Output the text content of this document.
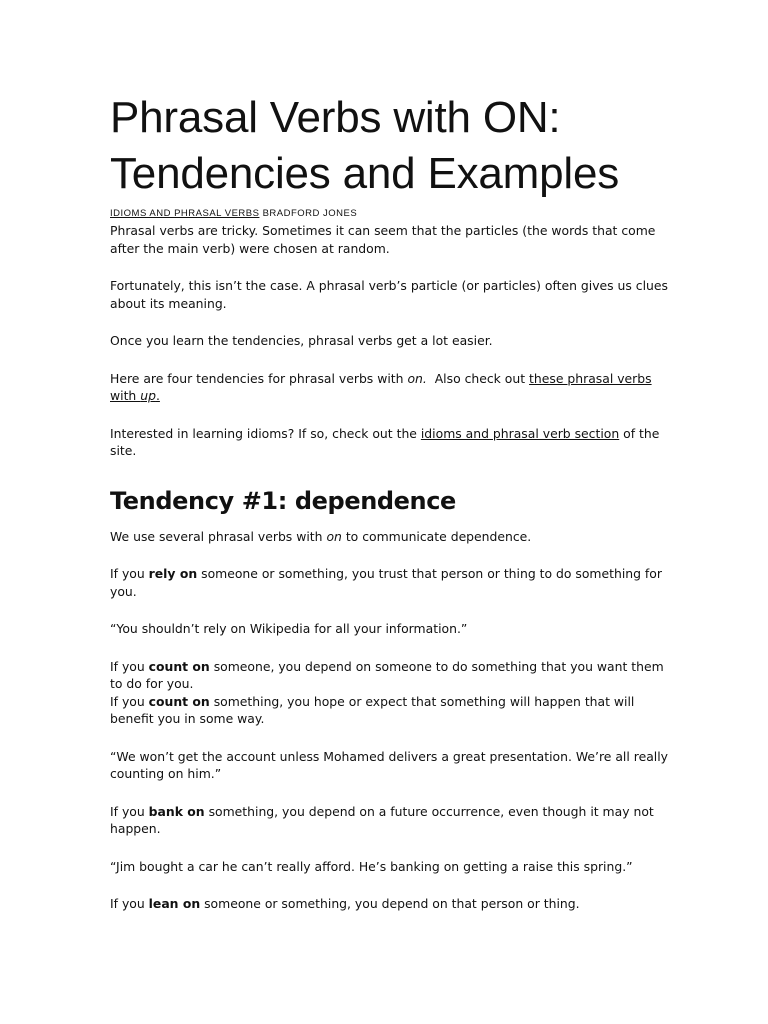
Phrasal Verbs with ON:
Tendencies and Examples
IDIOMS AND PHRASAL VERBS BRADFORD JONES

Phrasal verbs are tricky. Sometimes it can seem that the particles (the words that come after the main verb) were chosen at random.

Fortunately, this isn’t the case. A phrasal verb’s particle (or particles) often gives us clues about its meaning.

Once you learn the tendencies, phrasal verbs get a lot easier.

Here are four tendencies for phrasal verbs with on.  Also check out these phrasal verbs with up.

Interested in learning idioms? If so, check out the idioms and phrasal verb section of the site.

Tendency #1: dependence

We use several phrasal verbs with on to communicate dependence.

If you rely on someone or something, you trust that person or thing to do something for you.

“You shouldn’t rely on Wikipedia for all your information.”

If you count on someone, you depend on someone to do something that you want them to do for you.

If you count on something, you hope or expect that something will happen that will benefit you in some way.

“We won’t get the account unless Mohamed delivers a great presentation. We’re all really counting on him.”

If you bank on something, you depend on a future occurrence, even though it may not happen.

“Jim bought a car he can’t really afford. He’s banking on getting a raise this spring.”

If you lean on someone or something, you depend on that person or thing.
